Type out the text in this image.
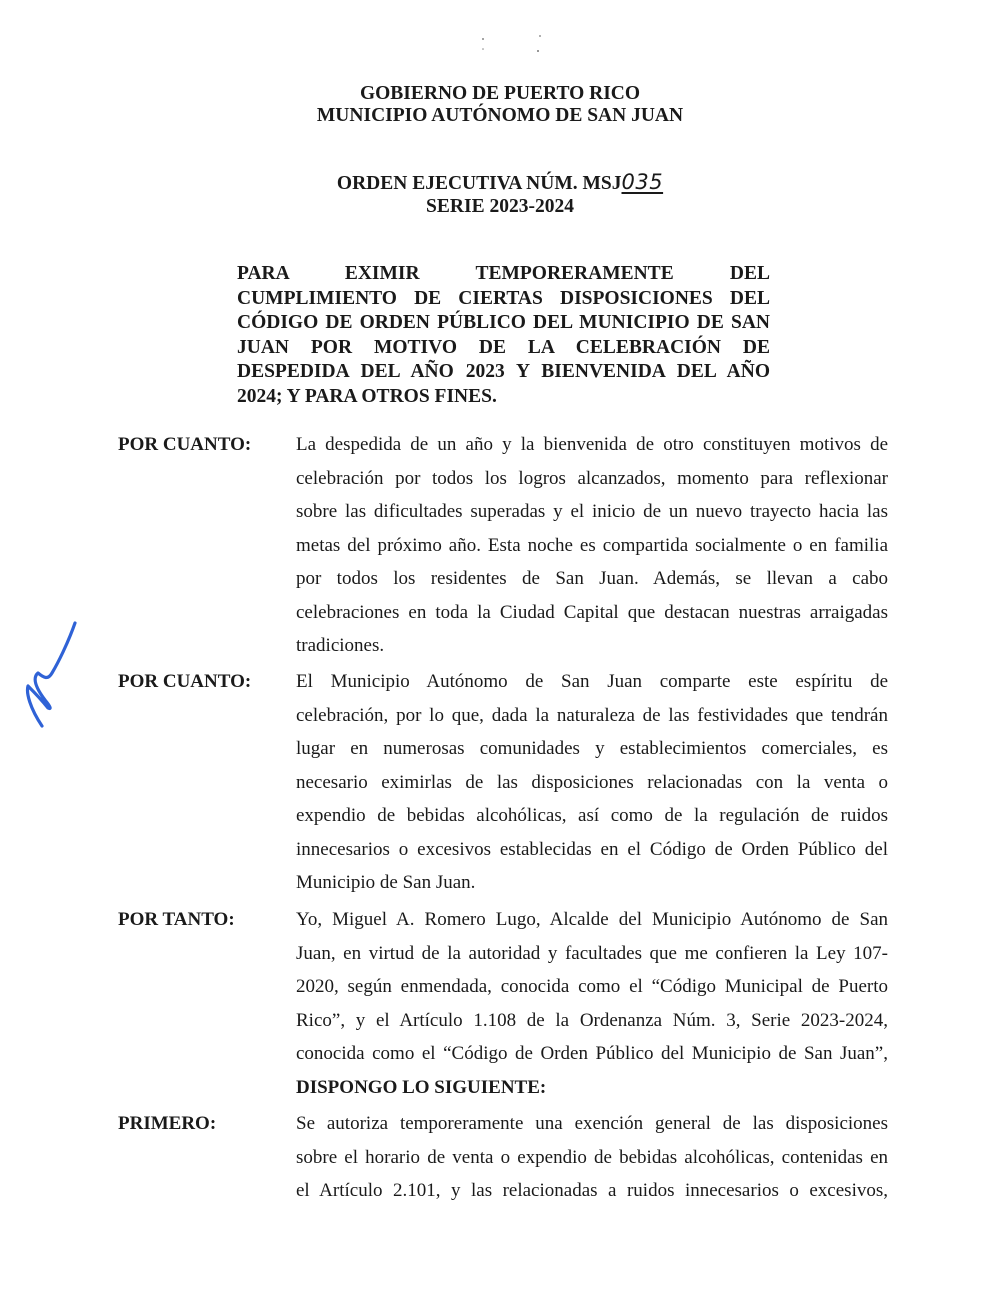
GOBIERNO DE PUERTO RICO
MUNICIPIO AUTÓNOMO DE SAN JUAN
ORDEN EJECUTIVA NÚM. MSJ035
SERIE 2023-2024
PARA EXIMIR TEMPORERAMENTE DEL
CUMPLIMIENTO DE CIERTAS DISPOSICIONES DEL
CÓDIGO DE ORDEN PÚBLICO DEL MUNICIPIO DE SAN
JUAN POR MOTIVO DE LA CELEBRACIÓN DE
DESPEDIDA DEL AÑO 2023 Y BIENVENIDA DEL AÑO
2024; Y PARA OTROS FINES.
POR CUANTO: La despedida de un año y la bienvenida de otro constituyen motivos de
celebración por todos los logros alcanzados, momento para reflexionar
sobre las dificultades superadas y el inicio de un nuevo trayecto hacia las
metas del próximo año. Esta noche es compartida socialmente o en familia
por todos los residentes de San Juan. Además, se llevan a cabo
celebraciones en toda la Ciudad Capital que destacan nuestras arraigadas
tradiciones.
POR CUANTO: El Municipio Autónomo de San Juan comparte este espíritu de
celebración, por lo que, dada la naturaleza de las festividades que tendrán
lugar en numerosas comunidades y establecimientos comerciales, es
necesario eximirlas de las disposiciones relacionadas con la venta o
expendio de bebidas alcohólicas, así como de la regulación de ruidos
innecesarios o excesivos establecidas en el Código de Orden Público del
Municipio de San Juan.
POR TANTO:	Yo, Miguel A. Romero Lugo, Alcalde del Municipio Autónomo de San
Juan, en virtud de la autoridad y facultades que me confieren la Ley 107-
2020, según enmendada, conocida como el “Código Municipal de Puerto
Rico”, y el Artículo 1.108 de la Ordenanza Núm. 3, Serie 2023-2024,
conocida como el “Código de Orden Público del Municipio de San Juan”,
DISPONGO LO SIGUIENTE:
PRIMERO:	Se autoriza temporeramente una exención general de las disposiciones
sobre el horario de venta o expendio de bebidas alcohólicas, contenidas en
el Artículo 2.101, y las relacionadas a ruidos innecesarios o excesivos,
